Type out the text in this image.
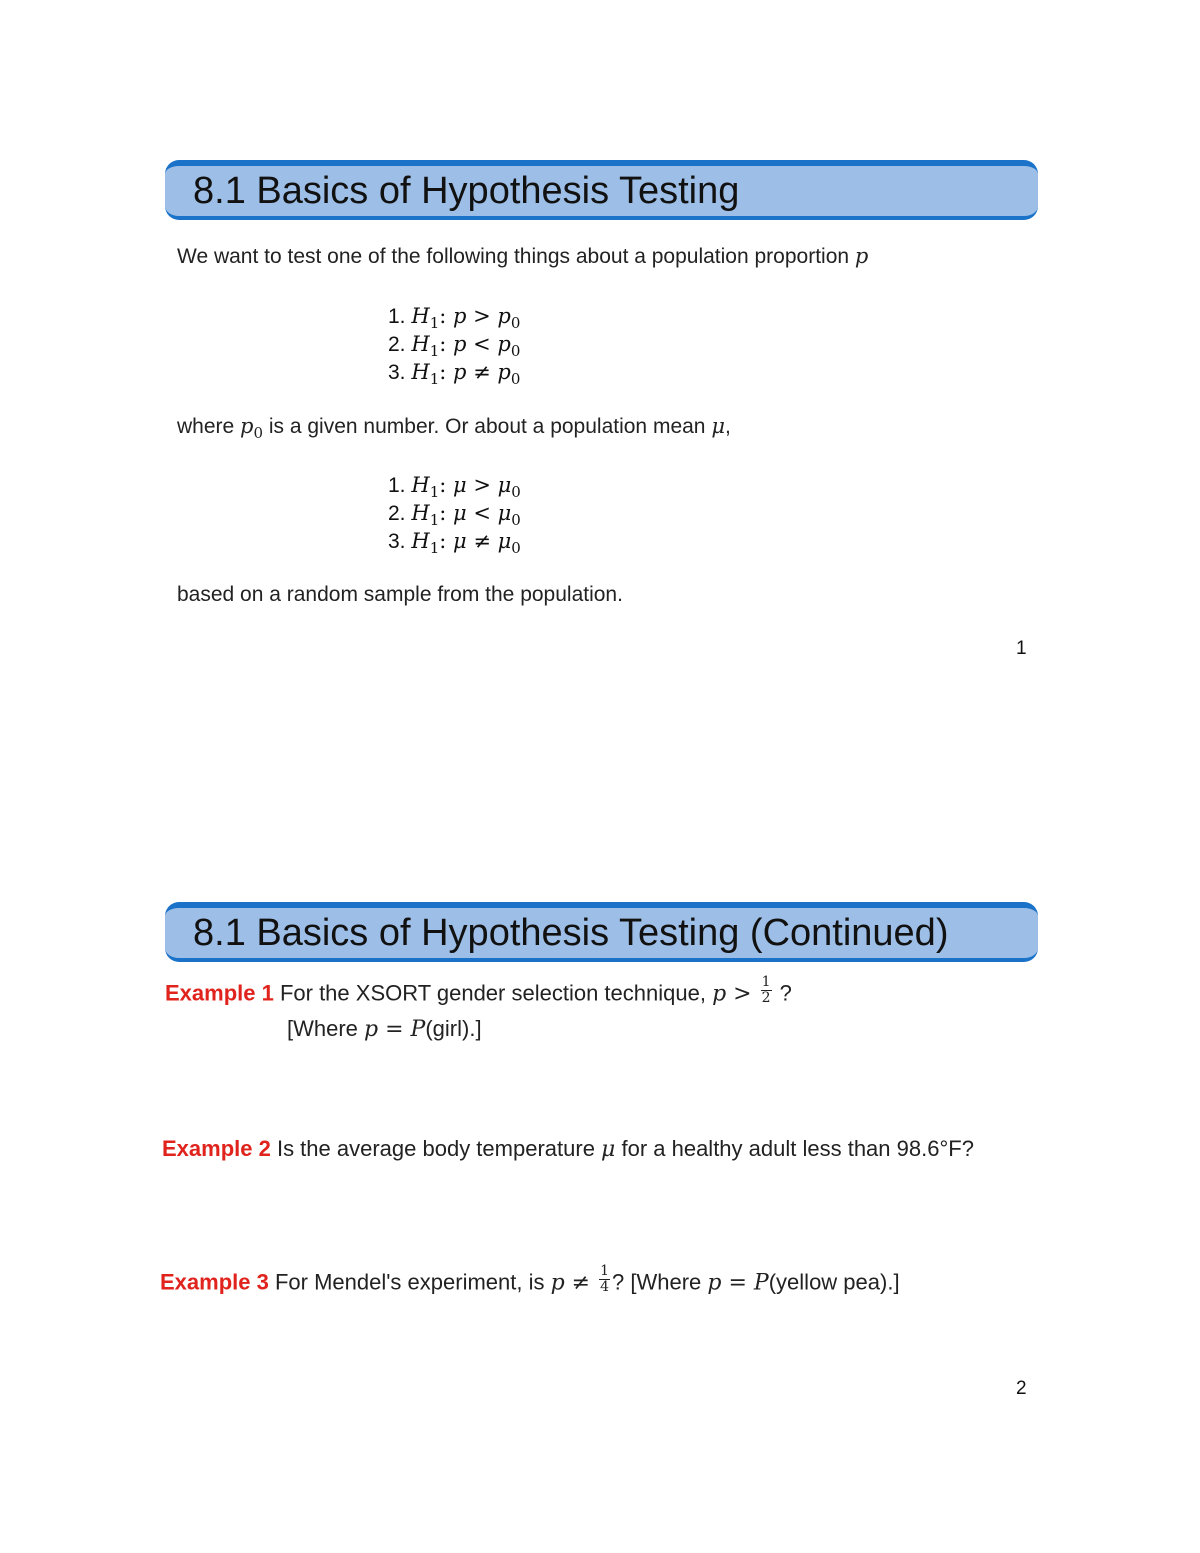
8.1 Basics of Hypothesis Testing
We want to test one of the following things about a population proportion p
1. $H_1$: $p > p_0$
2. $H_1$: $p < p_0$
3. $H_1$: $p \ne p_0$
where $p_0$ is a given number. Or about a population mean μ,
1. $H_1$: $\mu > \mu_0$
2. $H_1$: $\mu < \mu_0$
3. $H_1$: $\mu \ne \mu_0$
based on a random sample from the population.
1
8.1 Basics of Hypothesis Testing (Continued)
Example 1 For the XSORT gender selection technique, $p > \frac{1}{2}$ ?
[Where p = P(girl).]
Example 2 Is the average body temperature μ for a healthy adult less than 98.6°F?
Example 3 For Mendel's experiment, is $p \ne \frac{1}{4}$ ? [Where p = P(yellow pea).]
2
